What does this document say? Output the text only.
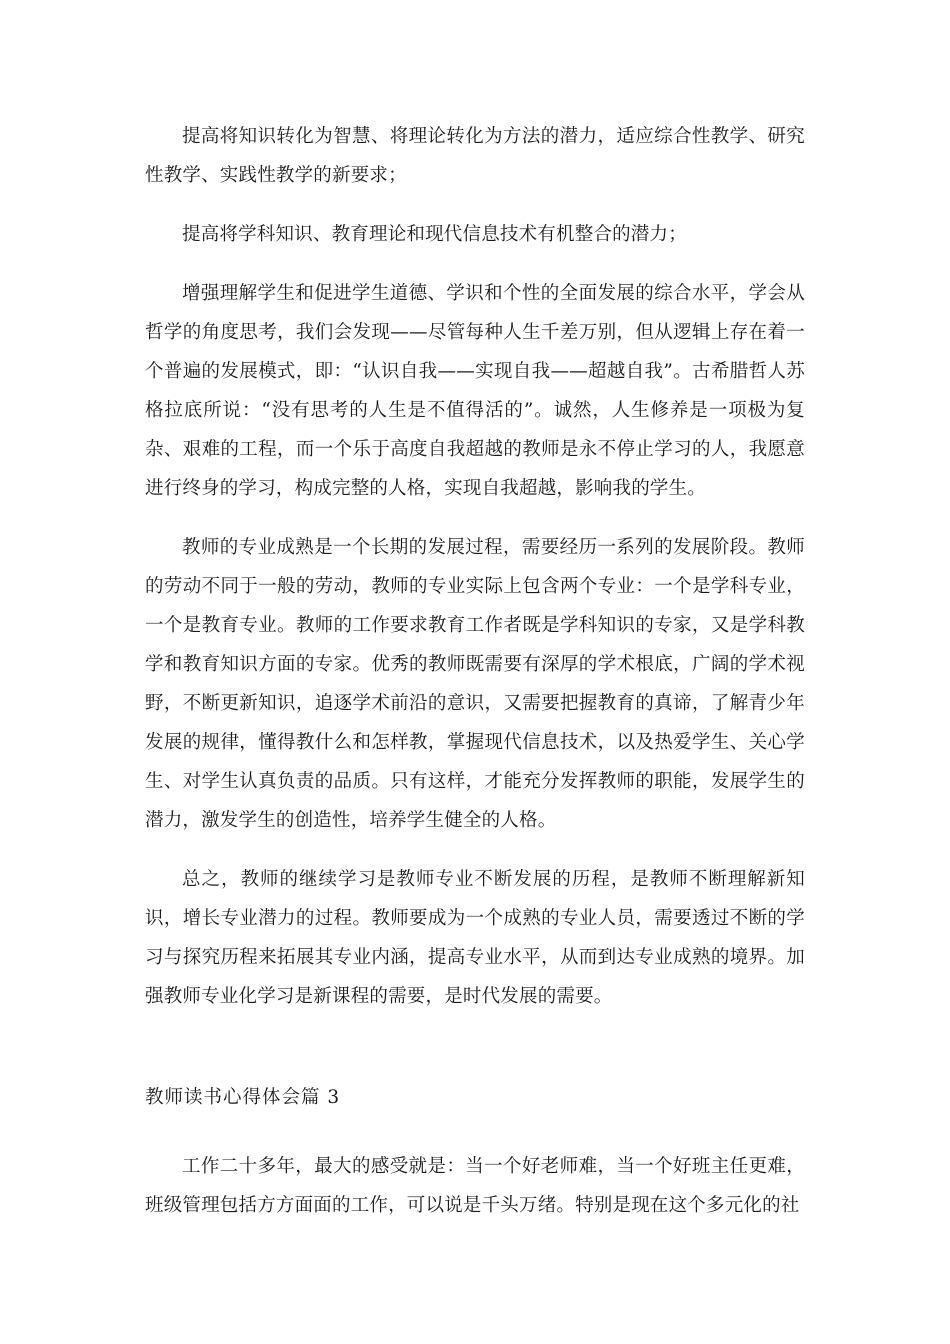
提高将知识转化为智慧、将理论转化为方法的潜力，适应综合性教学、研究性教学、实践性教学的新要求；

提高将学科知识、教育理论和现代信息技术有机整合的潜力；

增强理解学生和促进学生道德、学识和个性的全面发展的综合水平，学会从哲学的角度思考，我们会发现——尽管每种人生千差万别，但从逻辑上存在着一个普遍的发展模式，即：“认识自我——实现自我——超越自我”。古希腊哲人苏格拉底所说：“没有思考的人生是不值得活的”。诚然，人生修养是一项极为复杂、艰难的工程，而一个乐于高度自我超越的教师是永不停止学习的人，我愿意进行终身的学习，构成完整的人格，实现自我超越，影响我的学生。

教师的专业成熟是一个长期的发展过程，需要经历一系列的发展阶段。教师的劳动不同于一般的劳动，教师的专业实际上包含两个专业：一个是学科专业，一个是教育专业。教师的工作要求教育工作者既是学科知识的专家，又是学科教学和教育知识方面的专家。优秀的教师既需要有深厚的学术根底，广阔的学术视野，不断更新知识，追逐学术前沿的意识，又需要把握教育的真谛，了解青少年发展的规律，懂得教什么和怎样教，掌握现代信息技术，以及热爱学生、关心学生、对学生认真负责的品质。只有这样，才能充分发挥教师的职能，发展学生的潜力，激发学生的创造性，培养学生健全的人格。

总之，教师的继续学习是教师专业不断发展的历程，是教师不断理解新知识，增长专业潜力的过程。教师要成为一个成熟的专业人员，需要透过不断的学习与探究历程来拓展其专业内涵，提高专业水平，从而到达专业成熟的境界。加强教师专业化学习是新课程的需要，是时代发展的需要。

教师读书心得体会篇 3

工作二十多年，最大的感受就是：当一个好老师难，当一个好班主任更难，班级管理包括方方面面的工作，可以说是千头万绪。特别是现在这个多元化的社
